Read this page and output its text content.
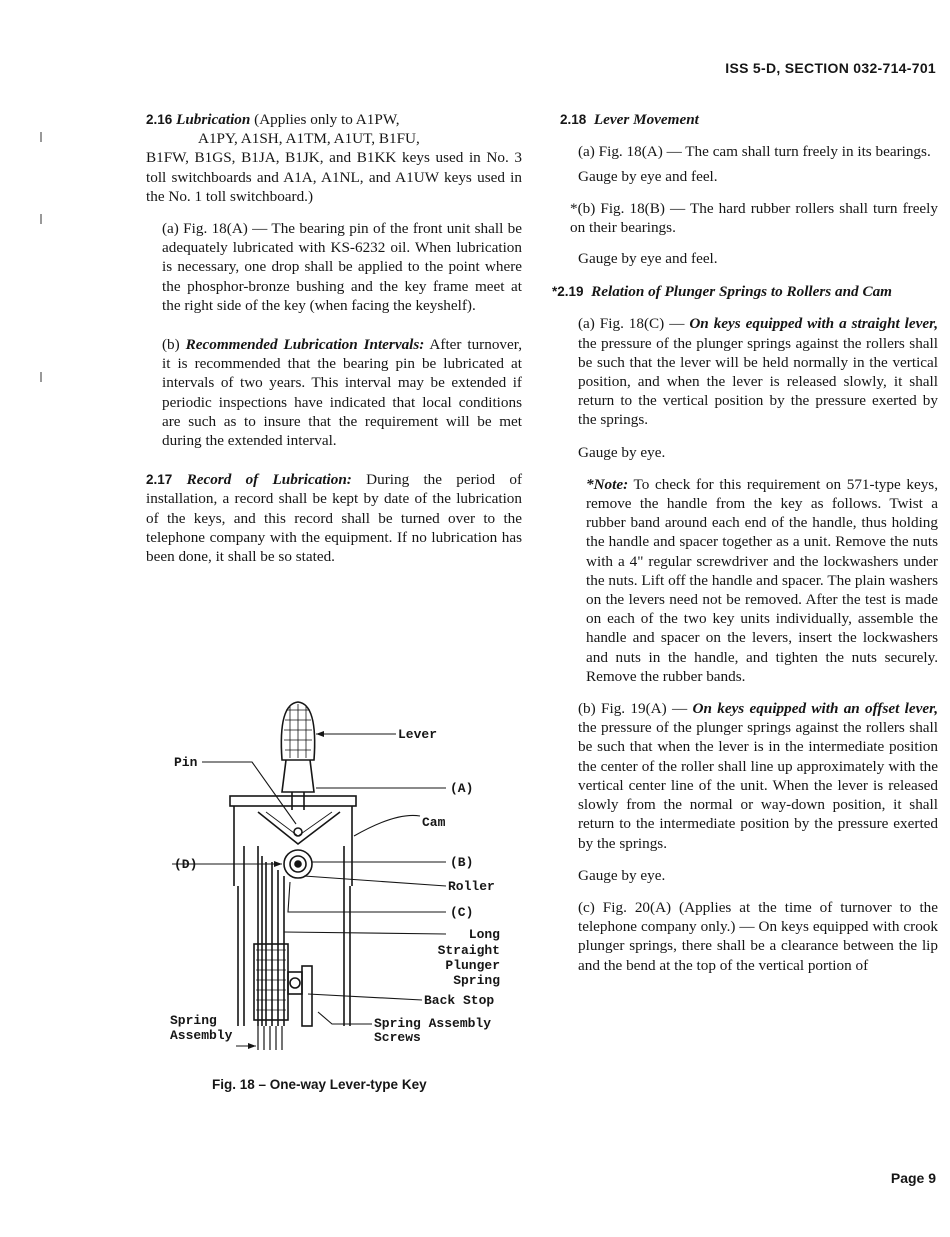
ISS 5-D, SECTION 032-714-701

2.16 Lubrication (Applies only to A1PW,

A1PY, A1SH, A1TM, A1UT, B1FU,

B1FW, B1GS, B1JA, B1JK, and B1KK keys used in No. 3 toll switchboards and A1A, A1NL, and A1UW keys used in the No. 1 toll switchboard.)

(a) Fig. 18(A) — The bearing pin of the front unit shall be adequately lubricated with KS-6232 oil. When lubrication is necessary, one drop shall be applied to the point where the phosphor-bronze bushing and the key frame meet at the right side of the key (when facing the keyshelf).

(b) Recommended Lubrication Intervals: After turnover, it is recommended that the bearing pin be lubricated at intervals of two years. This interval may be extended if periodic inspections have indicated that local conditions are such as to insure that the requirement will be met during the extended interval.

2.17 Record of Lubrication: During the period of installation, a record shall be kept by date of the lubrication of the keys, and this record shall be turned over to the telephone company with the equipment. If no lubrication has been done, it shall be so stated.

Lever
Pin
(A)
Cam
(D)	(B)
Roller
(C)
Long
Straight
Plunger
Spring
Back Stop
Spring
Assembly
Spring Assembly
Screws
Fig. 18 – One-way Lever-type Key

2.18 Lever Movement

(a) Fig. 18(A) — The cam shall turn freely in its bearings.

Gauge by eye and feel.

*(b) Fig. 18(B) — The hard rubber rollers shall turn freely on their bearings.

Gauge by eye and feel.

*2.19 Relation of Plunger Springs to Rollers and Cam

(a) Fig. 18(C) — On keys equipped with a straight lever, the pressure of the plunger springs against the rollers shall be such that the lever will be held normally in the vertical position, and when the lever is released slowly, it shall return to the vertical position by the pressure exerted by the springs.

Gauge by eye.

*Note: To check for this requirement on 571-type keys, remove the handle from the key as follows. Twist a rubber band around each end of the handle, thus holding the handle and spacer together as a unit. Remove the nuts with a 4" regular screwdriver and the lockwashers under the nuts. Lift off the handle and spacer. The plain washers on the levers need not be removed. After the test is made on each of the two key units individually, assemble the handle and spacer on the levers, insert the lockwashers and nuts in the handle, and tighten the nuts securely. Remove the rubber bands.

(b) Fig. 19(A) — On keys equipped with an offset lever, the pressure of the plunger springs against the rollers shall be such that when the lever is in the intermediate position the center of the roller shall line up approximately with the vertical center line of the unit. When the lever is released slowly from the normal or way-down position, it shall return to the intermediate position by the pressure exerted by the springs.

Gauge by eye.

(c) Fig. 20(A) (Applies at the time of turnover to the telephone company only.) — On keys equipped with crook plunger springs, there shall be a clearance between the lip and the bend at the top of the vertical portion of

Page 9
